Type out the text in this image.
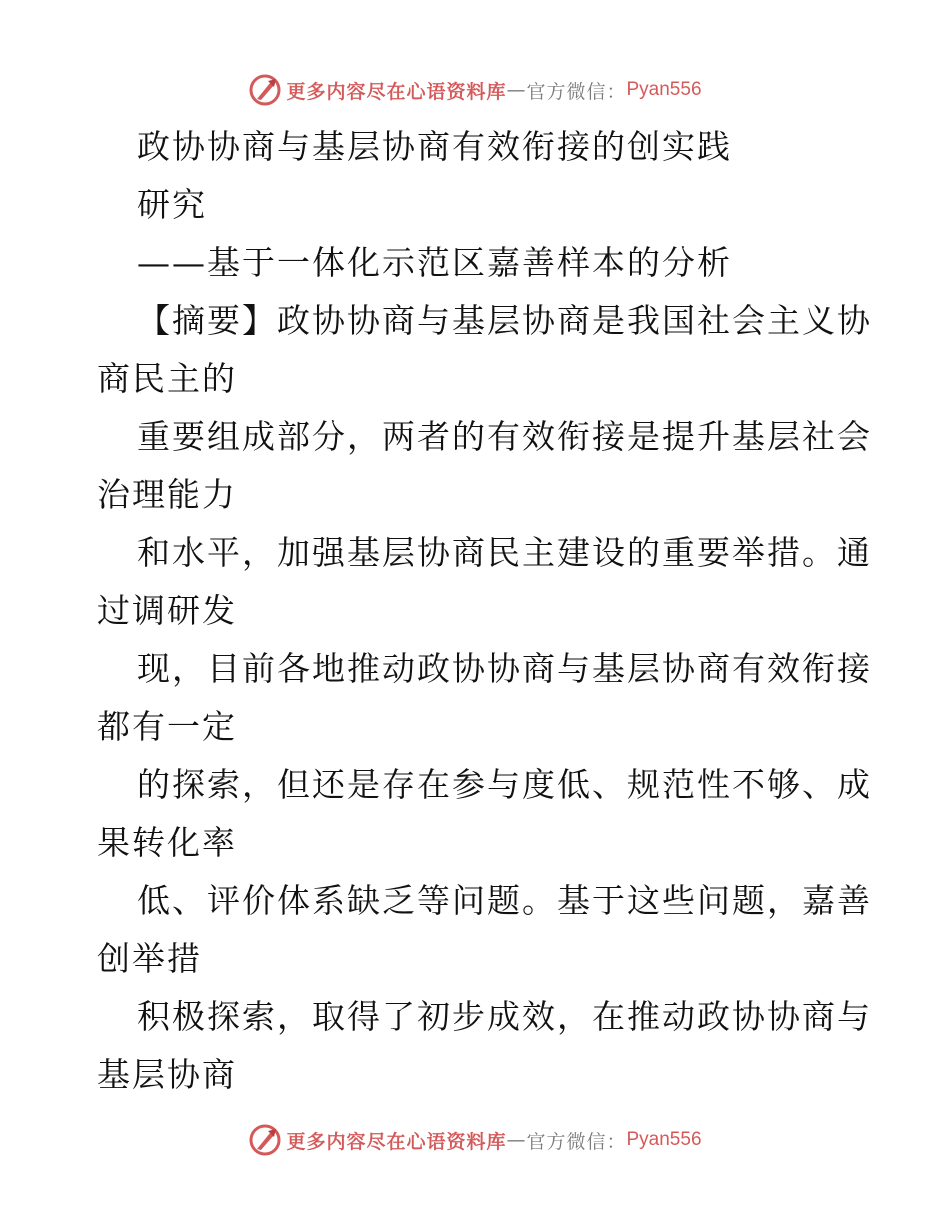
更多内容尽在心语资料库 — 官方微信： Pyan556
政协协商与基层协商有效衔接的创实践
研究
——基于一体化示范区嘉善样本的分析
【摘要】政协协商与基层协商是我国社会主义协
商民主的
重要组成部分，两者的有效衔接是提升基层社会
治理能力
和水平，加强基层协商民主建设的重要举措。通
过调研发
现，目前各地推动政协协商与基层协商有效衔接
都有一定
的探索，但还是存在参与度低、规范性不够、成
果转化率
低、评价体系缺乏等问题。基于这些问题，嘉善
创举措
积极探索，取得了初步成效，在推动政协协商与
基层协商
更多内容尽在心语资料库 — 官方微信： Pyan556
